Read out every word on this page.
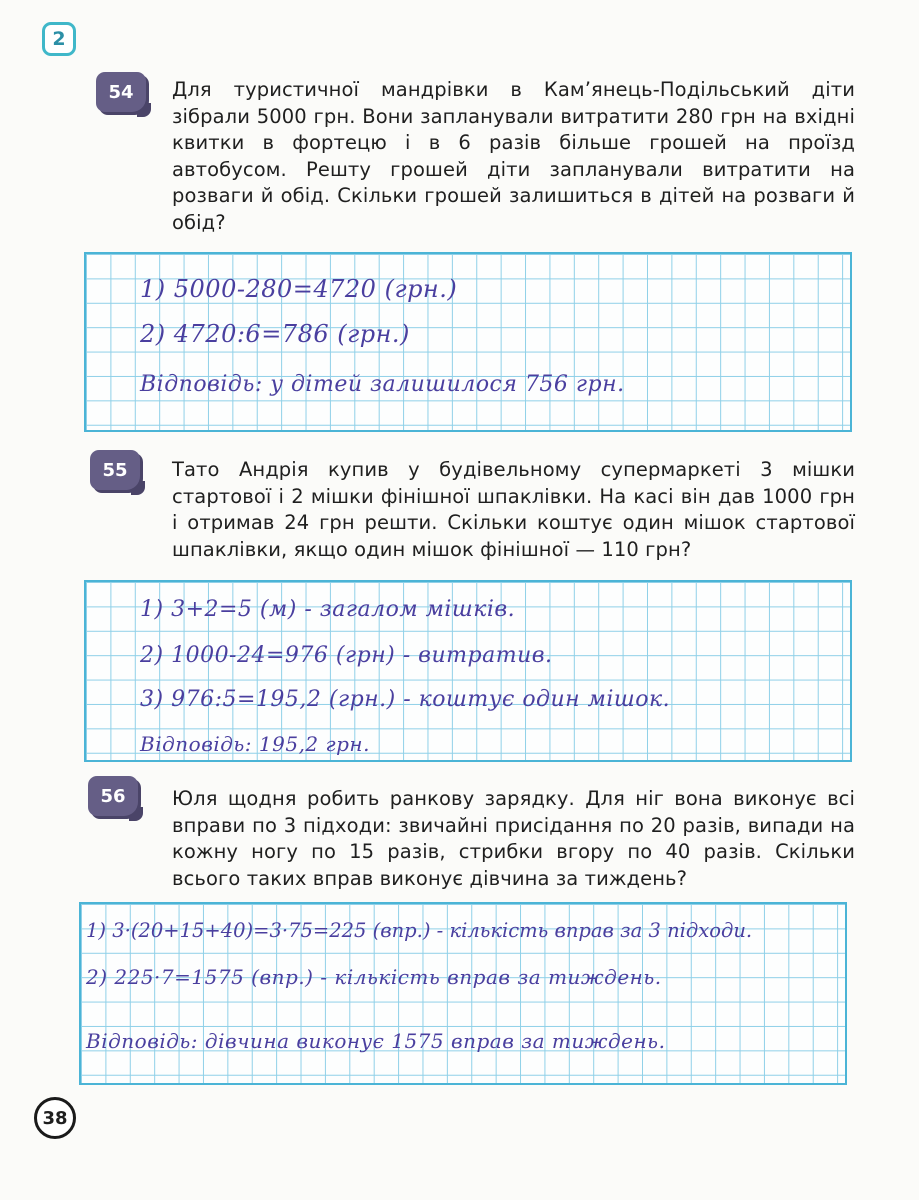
2
54	Для туристичної мандрівки в Кам’янець-Подільський діти зібрали 5000 грн. Вони запланували витратити 280 грн на вхідні квитки в фортецю і в 6 разів більше грошей на проїзд автобусом. Решту грошей діти запланували витратити на розваги й обід. Скільки грошей залишиться в дітей на розваги й обід?
1) 5000-280=4720 (грн.)
2) 4720:6=786 (грн.)
Відповідь: у дітей залишилося 756 грн.
55	Тато Андрія купив у будівельному супермаркеті 3 мішки стартової і 2 мішки фінішної шпаклівки. На касі він дав 1000 грн і отримав 24 грн решти. Скільки коштує один мішок стартової шпаклівки, якщо один мішок фінішної — 110 грн?
1) 3+2=5 (м) - загалом мішків.
2) 1000-24=976 (грн) - витратив.
3) 976:5=195,2 (грн.) - коштує один мішок.
Відповідь: 195,2 грн.
56	Юля щодня робить ранкову зарядку. Для ніг вона виконує всі вправи по 3 підходи: звичайні присідання по 20 разів, випади на кожну ногу по 15 разів, стрибки вгору по 40 разів. Скільки всього таких вправ виконує дівчина за тиждень?
1) 3·(20+15+40)=3·75=225 (впр.) - кількість вправ за 3 підходи.
2) 225·7=1575 (впр.) - кількість вправ за тиждень.
Відповідь: дівчина виконує 1575 вправ за тиждень.
38
